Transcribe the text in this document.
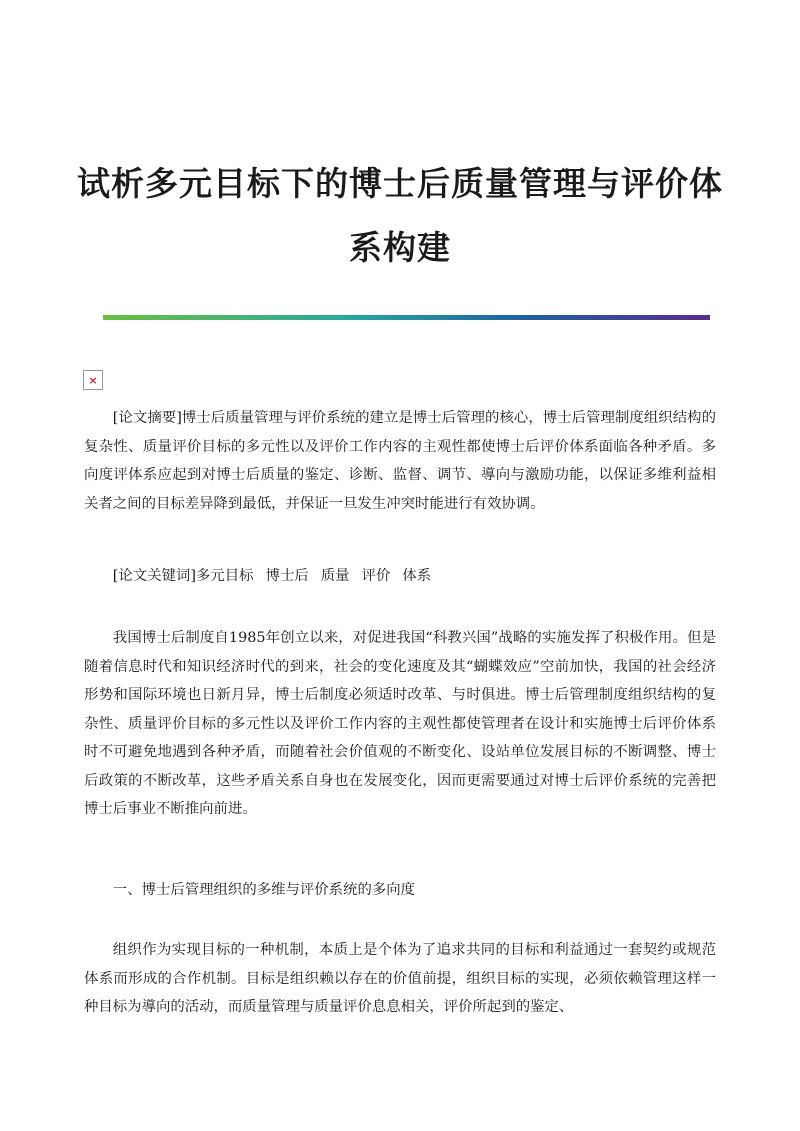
试析多元目标下的博士后质量管理与评价体
系构建
×

[论文摘要]博士后质量管理与评价系统的建立是博士后管理的核心，博士后管理制度组织结构的复杂性、质量评价目标的多元性以及评价工作内容的主观性都使博士后评价体系面临各种矛盾。多向度评体系应起到对博士后质量的鉴定、诊断、监督、调节、導向与激励功能，以保证多维利益相关者之间的目标差异降到最低，并保证一旦发生冲突时能进行有效协调。

[论文关键词]多元目标 博士后 质量 评价 体系

我国博士后制度自1985年创立以来，对促进我国“科教兴国”战略的实施发挥了积极作用。但是随着信息时代和知识经济时代的到来，社会的变化速度及其“蝴蝶效应”空前加快，我国的社会经济形势和国际环境也日新月异，博士后制度必须适时改革、与时俱进。博士后管理制度组织结构的复杂性、质量评价目标的多元性以及评价工作内容的主观性都使管理者在设计和实施博士后评价体系时不可避免地遇到各种矛盾，而随着社会价值观的不断变化、设站单位发展目标的不断调整、博士后政策的不断改革，这些矛盾关系自身也在发展变化，因而更需要通过对博士后评价系统的完善把博士后事业不断推向前进。

一、博士后管理组织的多维与评价系统的多向度

组织作为实现目标的一种机制，本质上是个体为了追求共同的目标和利益通过一套契约或规范体系而形成的合作机制。目标是组织赖以存在的价值前提，组织目标的实现，必须依赖管理这样一种目标为導向的活动，而质量管理与质量评价息息相关，评价所起到的鉴定、
